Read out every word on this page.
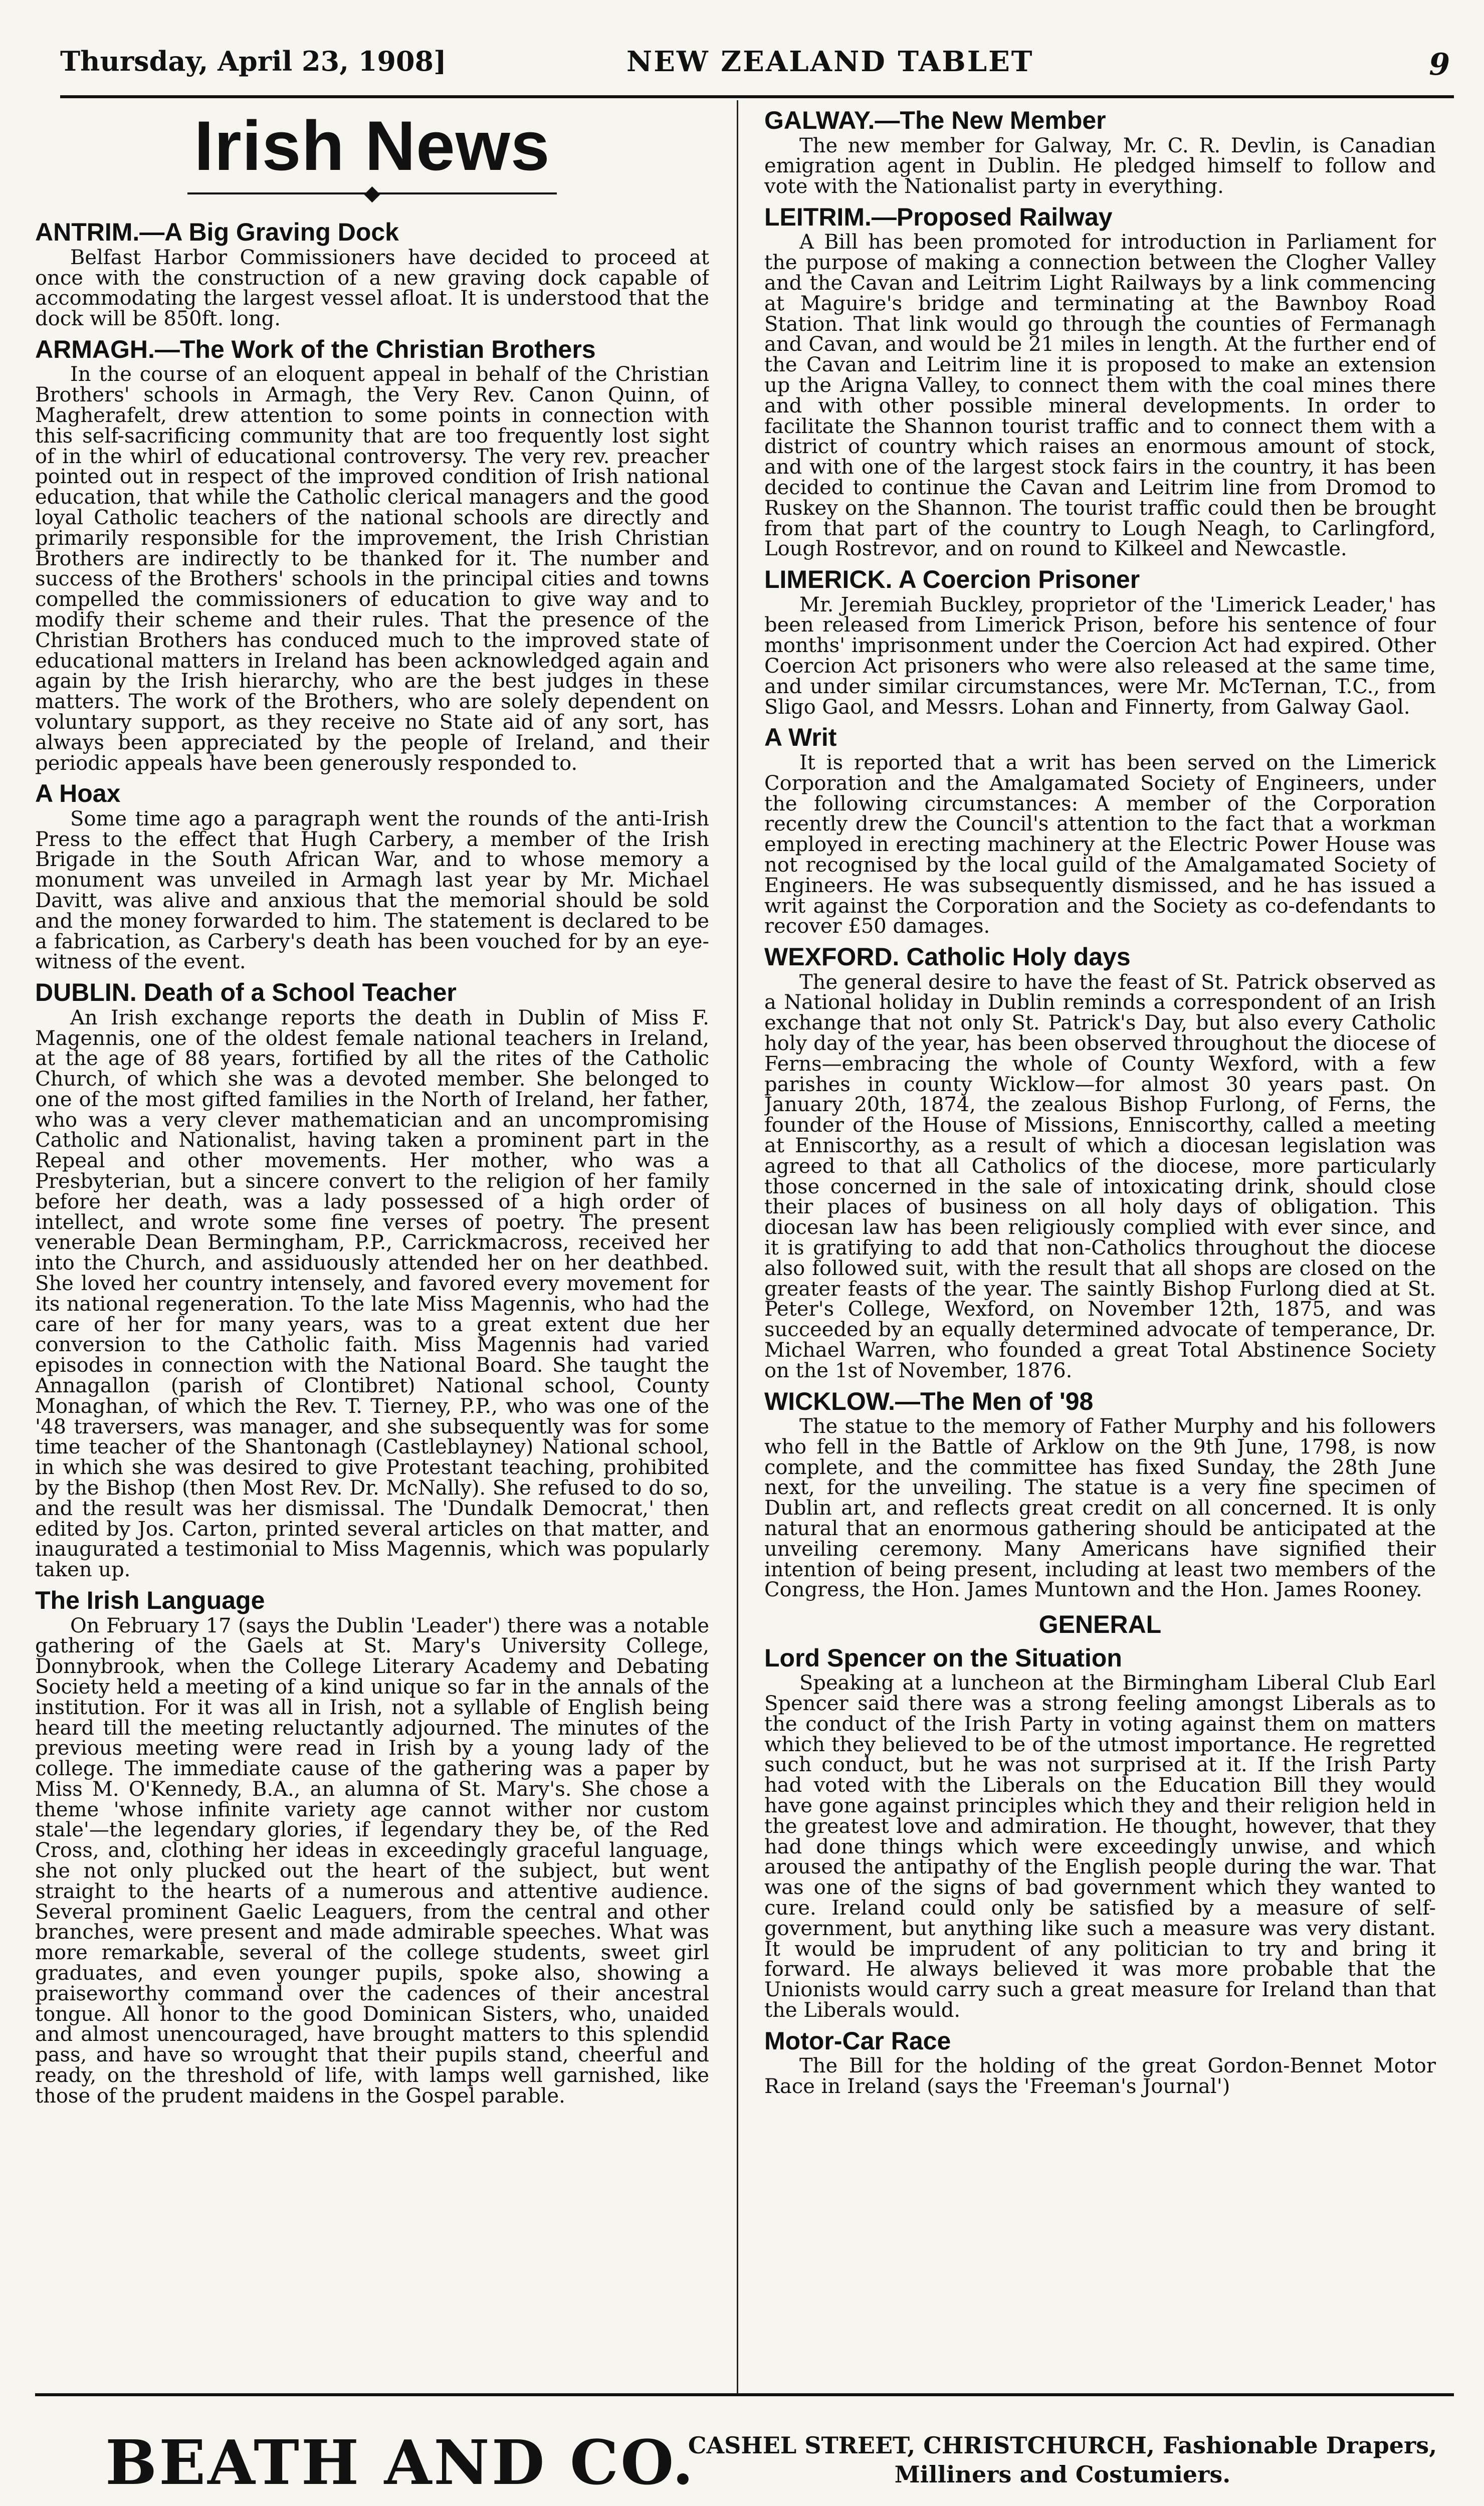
Thursday, April 23, 1908]	NEW ZEALAND TABLET	9
Irish News
◆
ANTRIM.—A Big Graving Dock

Belfast Harbor Commissioners have decided to proceed at once with the construction of a new graving dock capable of accommodating the largest vessel afloat. It is understood that the dock will be 850ft. long.

ARMAGH.—The Work of the Christian Brothers

In the course of an eloquent appeal in behalf of the Christian Brothers' schools in Armagh, the Very Rev. Canon Quinn, of Magherafelt, drew attention to some points in connection with this self-sacrificing community that are too frequently lost sight of in the whirl of educational controversy. The very rev. preacher pointed out in respect of the improved condition of Irish national education, that while the Catholic clerical managers and the good loyal Catholic teachers of the national schools are directly and primarily responsible for the improvement, the Irish Christian Brothers are indirectly to be thanked for it. The number and success of the Brothers' schools in the principal cities and towns compelled the commissioners of education to give way and to modify their scheme and their rules. That the presence of the Christian Brothers has conduced much to the improved state of educational matters in Ireland has been acknowledged again and again by the Irish hierarchy, who are the best judges in these matters. The work of the Brothers, who are solely dependent on voluntary support, as they receive no State aid of any sort, has always been appreciated by the people of Ireland, and their periodic appeals have been generously responded to.

A Hoax

Some time ago a paragraph went the rounds of the anti-Irish Press to the effect that Hugh Carbery, a member of the Irish Brigade in the South African War, and to whose memory a monument was unveiled in Armagh last year by Mr. Michael Davitt, was alive and anxious that the memorial should be sold and the money forwarded to him. The statement is declared to be a fabrication, as Carbery's death has been vouched for by an eye-witness of the event.

DUBLIN. Death of a School Teacher

An Irish exchange reports the death in Dublin of Miss F. Magennis, one of the oldest female national teachers in Ireland, at the age of 88 years, fortified by all the rites of the Catholic Church, of which she was a devoted member. She belonged to one of the most gifted families in the North of Ireland, her father, who was a very clever mathematician and an uncompromising Catholic and Nationalist, having taken a prominent part in the Repeal and other movements. Her mother, who was a Presbyterian, but a sincere convert to the religion of her family before her death, was a lady possessed of a high order of intellect, and wrote some fine verses of poetry. The present venerable Dean Bermingham, P.P., Carrickmacross, received her into the Church, and assiduously attended her on her deathbed. She loved her country intensely, and favored every movement for its national regeneration. To the late Miss Magennis, who had the care of her for many years, was to a great extent due her conversion to the Catholic faith. Miss Magennis had varied episodes in connection with the National Board. She taught the Annagallon (parish of Clontibret) National school, County Monaghan, of which the Rev. T. Tierney, P.P., who was one of the '48 traversers, was manager, and she subsequently was for some time teacher of the Shantonagh (Castleblayney) National school, in which she was desired to give Protestant teaching, prohibited by the Bishop (then Most Rev. Dr. McNally). She refused to do so, and the result was her dismissal. The 'Dundalk Democrat,' then edited by Jos. Carton, printed several articles on that matter, and inaugurated a testimonial to Miss Magennis, which was popularly taken up.

The Irish Language

On February 17 (says the Dublin 'Leader') there was a notable gathering of the Gaels at St. Mary's University College, Donnybrook, when the College Literary Academy and Debating Society held a meeting of a kind unique so far in the annals of the institution. For it was all in Irish, not a syllable of English being heard till the meeting reluctantly adjourned. The minutes of the previous meeting were read in Irish by a young lady of the college. The immediate cause of the gathering was a paper by Miss M. O'Kennedy, B.A., an alumna of St. Mary's. She chose a theme 'whose infinite variety age cannot wither nor custom stale'—the legendary glories, if legendary they be, of the Red Cross, and, clothing her ideas in exceedingly graceful language, she not only plucked out the heart of the subject, but went straight to the hearts of a numerous and attentive audience. Several prominent Gaelic Leaguers, from the central and other branches, were present and made admirable speeches. What was more remarkable, several of the college students, sweet girl graduates, and even younger pupils, spoke also, showing a praiseworthy command over the cadences of their ancestral tongue. All honor to the good Dominican Sisters, who, unaided and almost unencouraged, have brought matters to this splendid pass, and have so wrought that their pupils stand, cheerful and ready, on the threshold of life, with lamps well garnished, like those of the prudent maidens in the Gospel parable.

GALWAY.—The New Member

The new member for Galway, Mr. C. R. Devlin, is Canadian emigration agent in Dublin. He pledged himself to follow and vote with the Nationalist party in everything.

LEITRIM.—Proposed Railway

A Bill has been promoted for introduction in Parliament for the purpose of making a connection between the Clogher Valley and the Cavan and Leitrim Light Railways by a link commencing at Maguire's bridge and terminating at the Bawnboy Road Station. That link would go through the counties of Fermanagh and Cavan, and would be 21 miles in length. At the further end of the Cavan and Leitrim line it is proposed to make an extension up the Arigna Valley, to connect them with the coal mines there and with other possible mineral developments. In order to facilitate the Shannon tourist traffic and to connect them with a district of country which raises an enormous amount of stock, and with one of the largest stock fairs in the country, it has been decided to continue the Cavan and Leitrim line from Dromod to Ruskey on the Shannon. The tourist traffic could then be brought from that part of the country to Lough Neagh, to Carlingford, Lough Rostrevor, and on round to Kilkeel and Newcastle.

LIMERICK. A Coercion Prisoner

Mr. Jeremiah Buckley, proprietor of the 'Limerick Leader,' has been released from Limerick Prison, before his sentence of four months' imprisonment under the Coercion Act had expired. Other Coercion Act prisoners who were also released at the same time, and under similar circumstances, were Mr. McTernan, T.C., from Sligo Gaol, and Messrs. Lohan and Finnerty, from Galway Gaol.

A Writ

It is reported that a writ has been served on the Limerick Corporation and the Amalgamated Society of Engineers, under the following circumstances: A member of the Corporation recently drew the Council's attention to the fact that a workman employed in erecting machinery at the Electric Power House was not recognised by the local guild of the Amalgamated Society of Engineers. He was subsequently dismissed, and he has issued a writ against the Corporation and the Society as co-defendants to recover £50 damages.

WEXFORD. Catholic Holy days

The general desire to have the feast of St. Patrick observed as a National holiday in Dublin reminds a correspondent of an Irish exchange that not only St. Patrick's Day, but also every Catholic holy day of the year, has been observed throughout the diocese of Ferns—embracing the whole of County Wexford, with a few parishes in county Wicklow—for almost 30 years past. On January 20th, 1874, the zealous Bishop Furlong, of Ferns, the founder of the House of Missions, Enniscorthy, called a meeting at Enniscorthy, as a result of which a diocesan legislation was agreed to that all Catholics of the diocese, more particularly those concerned in the sale of intoxicating drink, should close their places of business on all holy days of obligation. This diocesan law has been religiously complied with ever since, and it is gratifying to add that non-Catholics throughout the diocese also followed suit, with the result that all shops are closed on the greater feasts of the year. The saintly Bishop Furlong died at St. Peter's College, Wexford, on November 12th, 1875, and was succeeded by an equally determined advocate of temperance, Dr. Michael Warren, who founded a great Total Abstinence Society on the 1st of November, 1876.

WICKLOW.—The Men of '98

The statue to the memory of Father Murphy and his followers who fell in the Battle of Arklow on the 9th June, 1798, is now complete, and the committee has fixed Sunday, the 28th June next, for the unveiling. The statue is a very fine specimen of Dublin art, and reflects great credit on all concerned. It is only natural that an enormous gathering should be anticipated at the unveiling ceremony. Many Americans have signified their intention of being present, including at least two members of the Congress, the Hon. James Muntown and the Hon. James Rooney.

GENERAL
Lord Spencer on the Situation

Speaking at a luncheon at the Birmingham Liberal Club Earl Spencer said there was a strong feeling amongst Liberals as to the conduct of the Irish Party in voting against them on matters which they believed to be of the utmost importance. He regretted such conduct, but he was not surprised at it. If the Irish Party had voted with the Liberals on the Education Bill they would have gone against principles which they and their religion held in the greatest love and admiration. He thought, however, that they had done things which were exceedingly unwise, and which aroused the antipathy of the English people during the war. That was one of the signs of bad government which they wanted to cure. Ireland could only be satisfied by a measure of self-government, but anything like such a measure was very distant. It would be imprudent of any politician to try and bring it forward. He always believed it was more probable that the Unionists would carry such a great measure for Ireland than that the Liberals would.

Motor-Car Race

The Bill for the holding of the great Gordon-Bennet Motor Race in Ireland (says the 'Freeman's Journal')

BEATH AND CO.
CASHEL STREET, CHRISTCHURCH, Fashionable Drapers,
Milliners and Costumiers.
